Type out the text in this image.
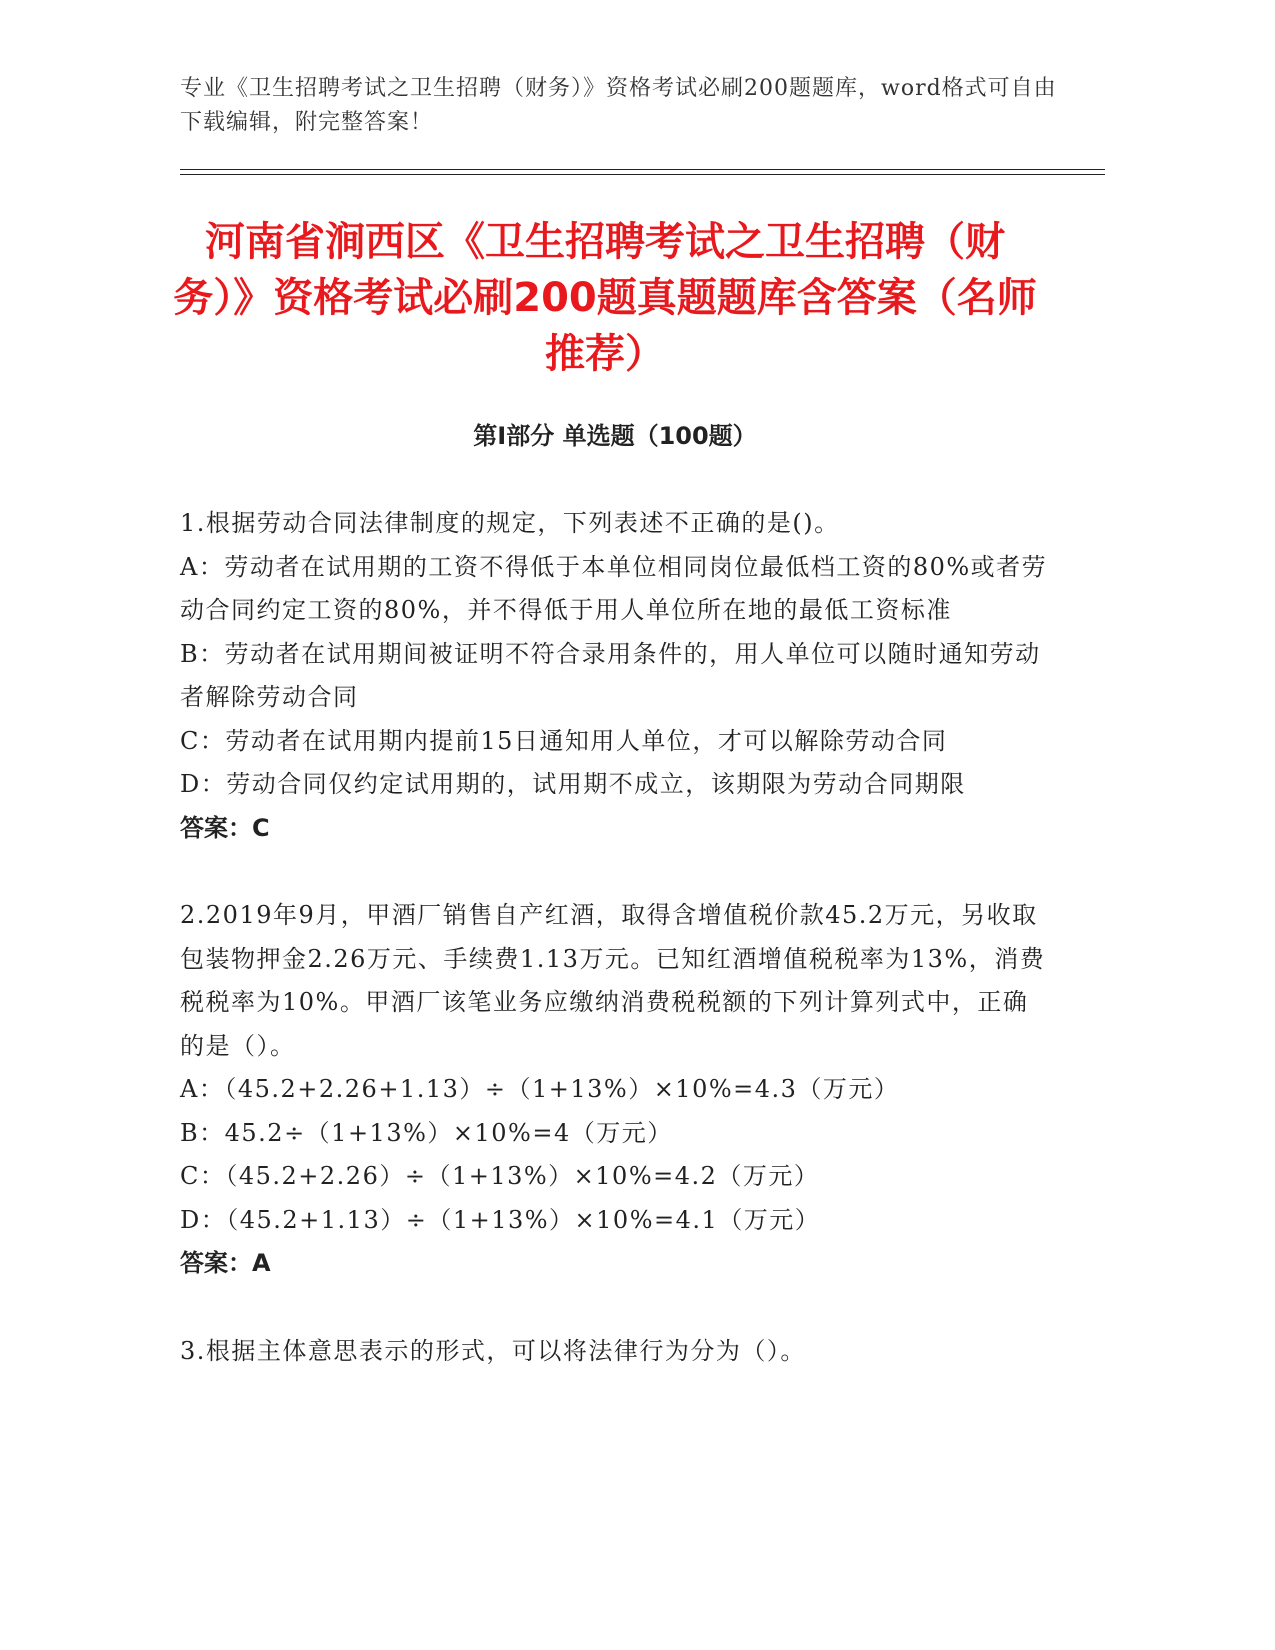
专业《卫生招聘考试之卫生招聘（财务）》资格考试必刷200题题库，word格式可自由下载编辑，附完整答案！
河南省涧西区《卫生招聘考试之卫生招聘（财务）》资格考试必刷200题真题题库含答案（名师推荐）
第I部分 单选题（100题）
1.根据劳动合同法律制度的规定，下列表述不正确的是()。
A：劳动者在试用期的工资不得低于本单位相同岗位最低档工资的80%或者劳动合同约定工资的80%，并不得低于用人单位所在地的最低工资标准
B：劳动者在试用期间被证明不符合录用条件的，用人单位可以随时通知劳动者解除劳动合同
C：劳动者在试用期内提前15日通知用人单位，才可以解除劳动合同
D：劳动合同仅约定试用期的，试用期不成立，该期限为劳动合同期限
答案：C
2.2019年9月，甲酒厂销售自产红酒，取得含增值税价款45.2万元，另收取包装物押金2.26万元、手续费1.13万元。已知红酒增值税税率为13%，消费税税率为10%。甲酒厂该笔业务应缴纳消费税税额的下列计算列式中，正确的是（）。
A：（45.2+2.26+1.13）÷（1+13%）×10%=4.3（万元）
B：45.2÷（1+13%）×10%=4（万元）
C：（45.2+2.26）÷（1+13%）×10%=4.2（万元）
D：（45.2+1.13）÷（1+13%）×10%=4.1（万元）
答案：A
3.根据主体意思表示的形式，可以将法律行为分为（）。
